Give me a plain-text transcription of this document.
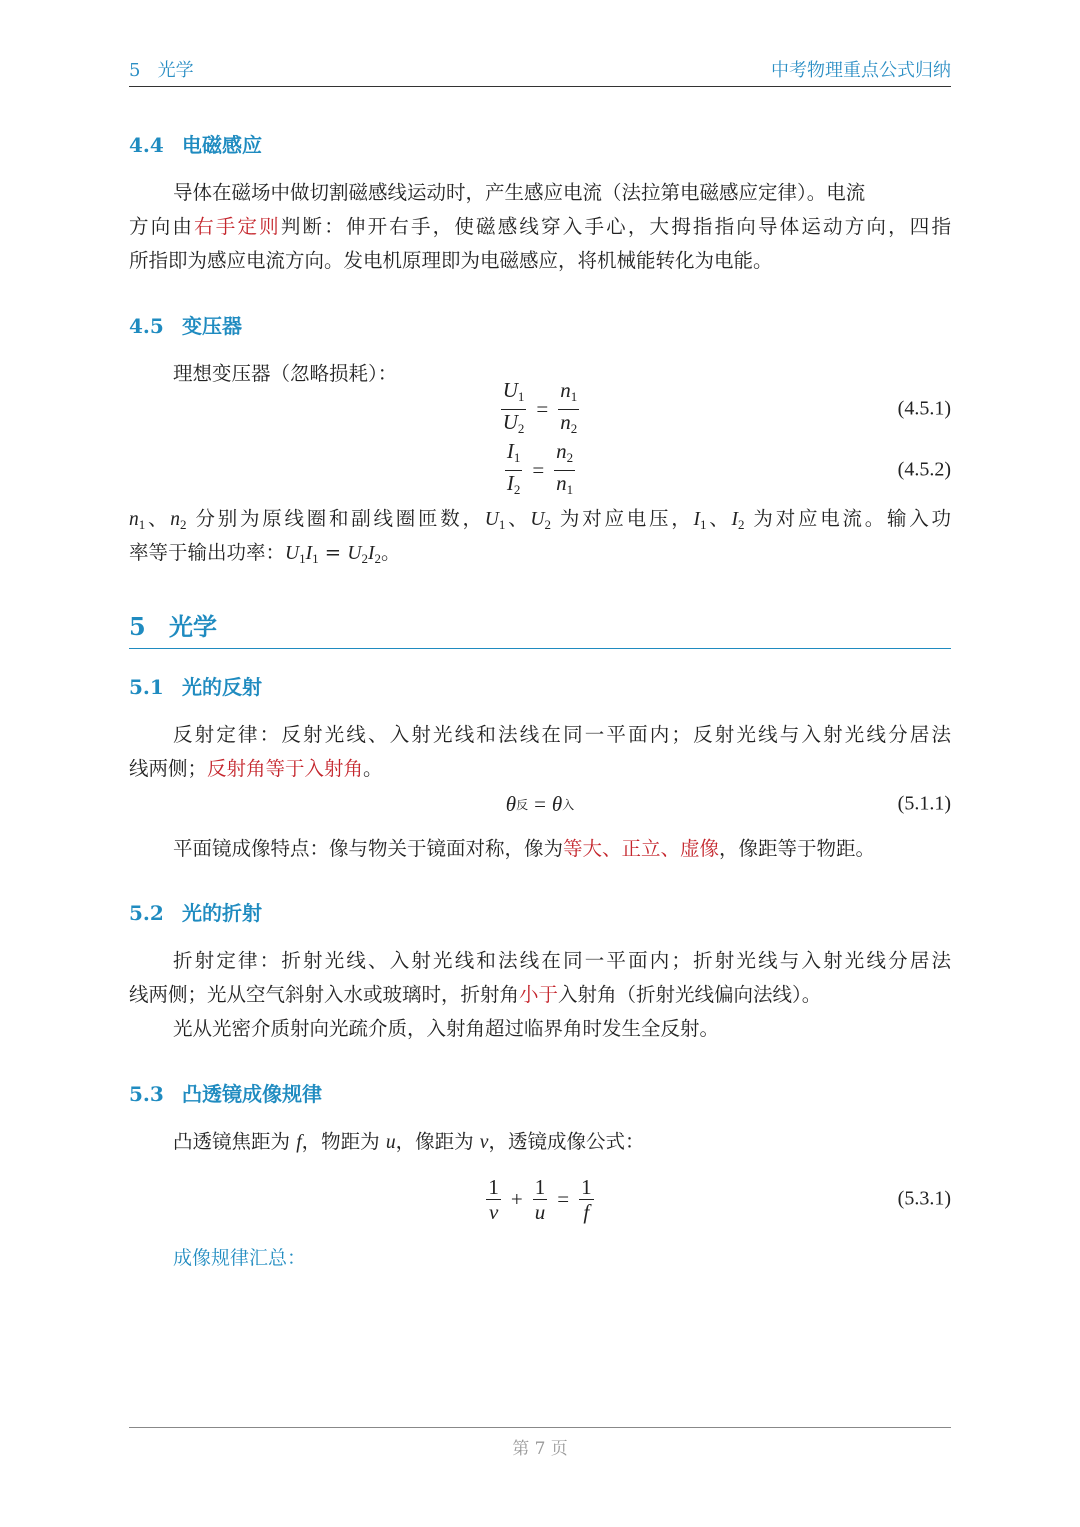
5 光学	中考物理重点公式归纳
4.4 电磁感应
导体在磁场中做切割磁感线运动时，产生感应电流（法拉第电磁感应定律）。电流
方向由右手定则判断：伸开右手，使磁感线穿入手心，大拇指指向导体运动方向，四指
所指即为感应电流方向。发电机原理即为电磁感应，将机械能转化为电能。
4.5 变压器
理想变压器（忽略损耗）：
$\frac{U_1}{U_2} = \frac{n_1}{n_2}$	(4.5.1)
$\frac{I_1}{I_2} = \frac{n_2}{n_1}$	(4.5.2)
$n_1$、$n_2$ 分别为原线圈和副线圈匝数，$U_1$、$U_2$ 为对应电压，$I_1$、$I_2$ 为对应电流。输入功
率等于输出功率：$U_1I_1 = U_2I_2$。
5 光学
5.1 光的反射
反射定律：反射光线、入射光线和法线在同一平面内；反射光线与入射光线分居法
线两侧；反射角等于入射角。
θ 反 = θ 入	(5.1.1)
平面镜成像特点：像与物关于镜面对称，像为等大、正立、虚像，像距等于物距。
5.2 光的折射
折射定律：折射光线、入射光线和法线在同一平面内；折射光线与入射光线分居法
线两侧；光从空气斜射入水或玻璃时，折射角小于入射角（折射光线偏向法线）。
光从光密介质射向光疏介质，入射角超过临界角时发生全反射。
5.3 凸透镜成像规律
凸透镜焦距为 f，物距为 u，像距为 v，透镜成像公式：
$\frac{1}{v} + \frac{1}{u} = \frac{1}{f}$	(5.3.1)
成像规律汇总：
第 7 页
